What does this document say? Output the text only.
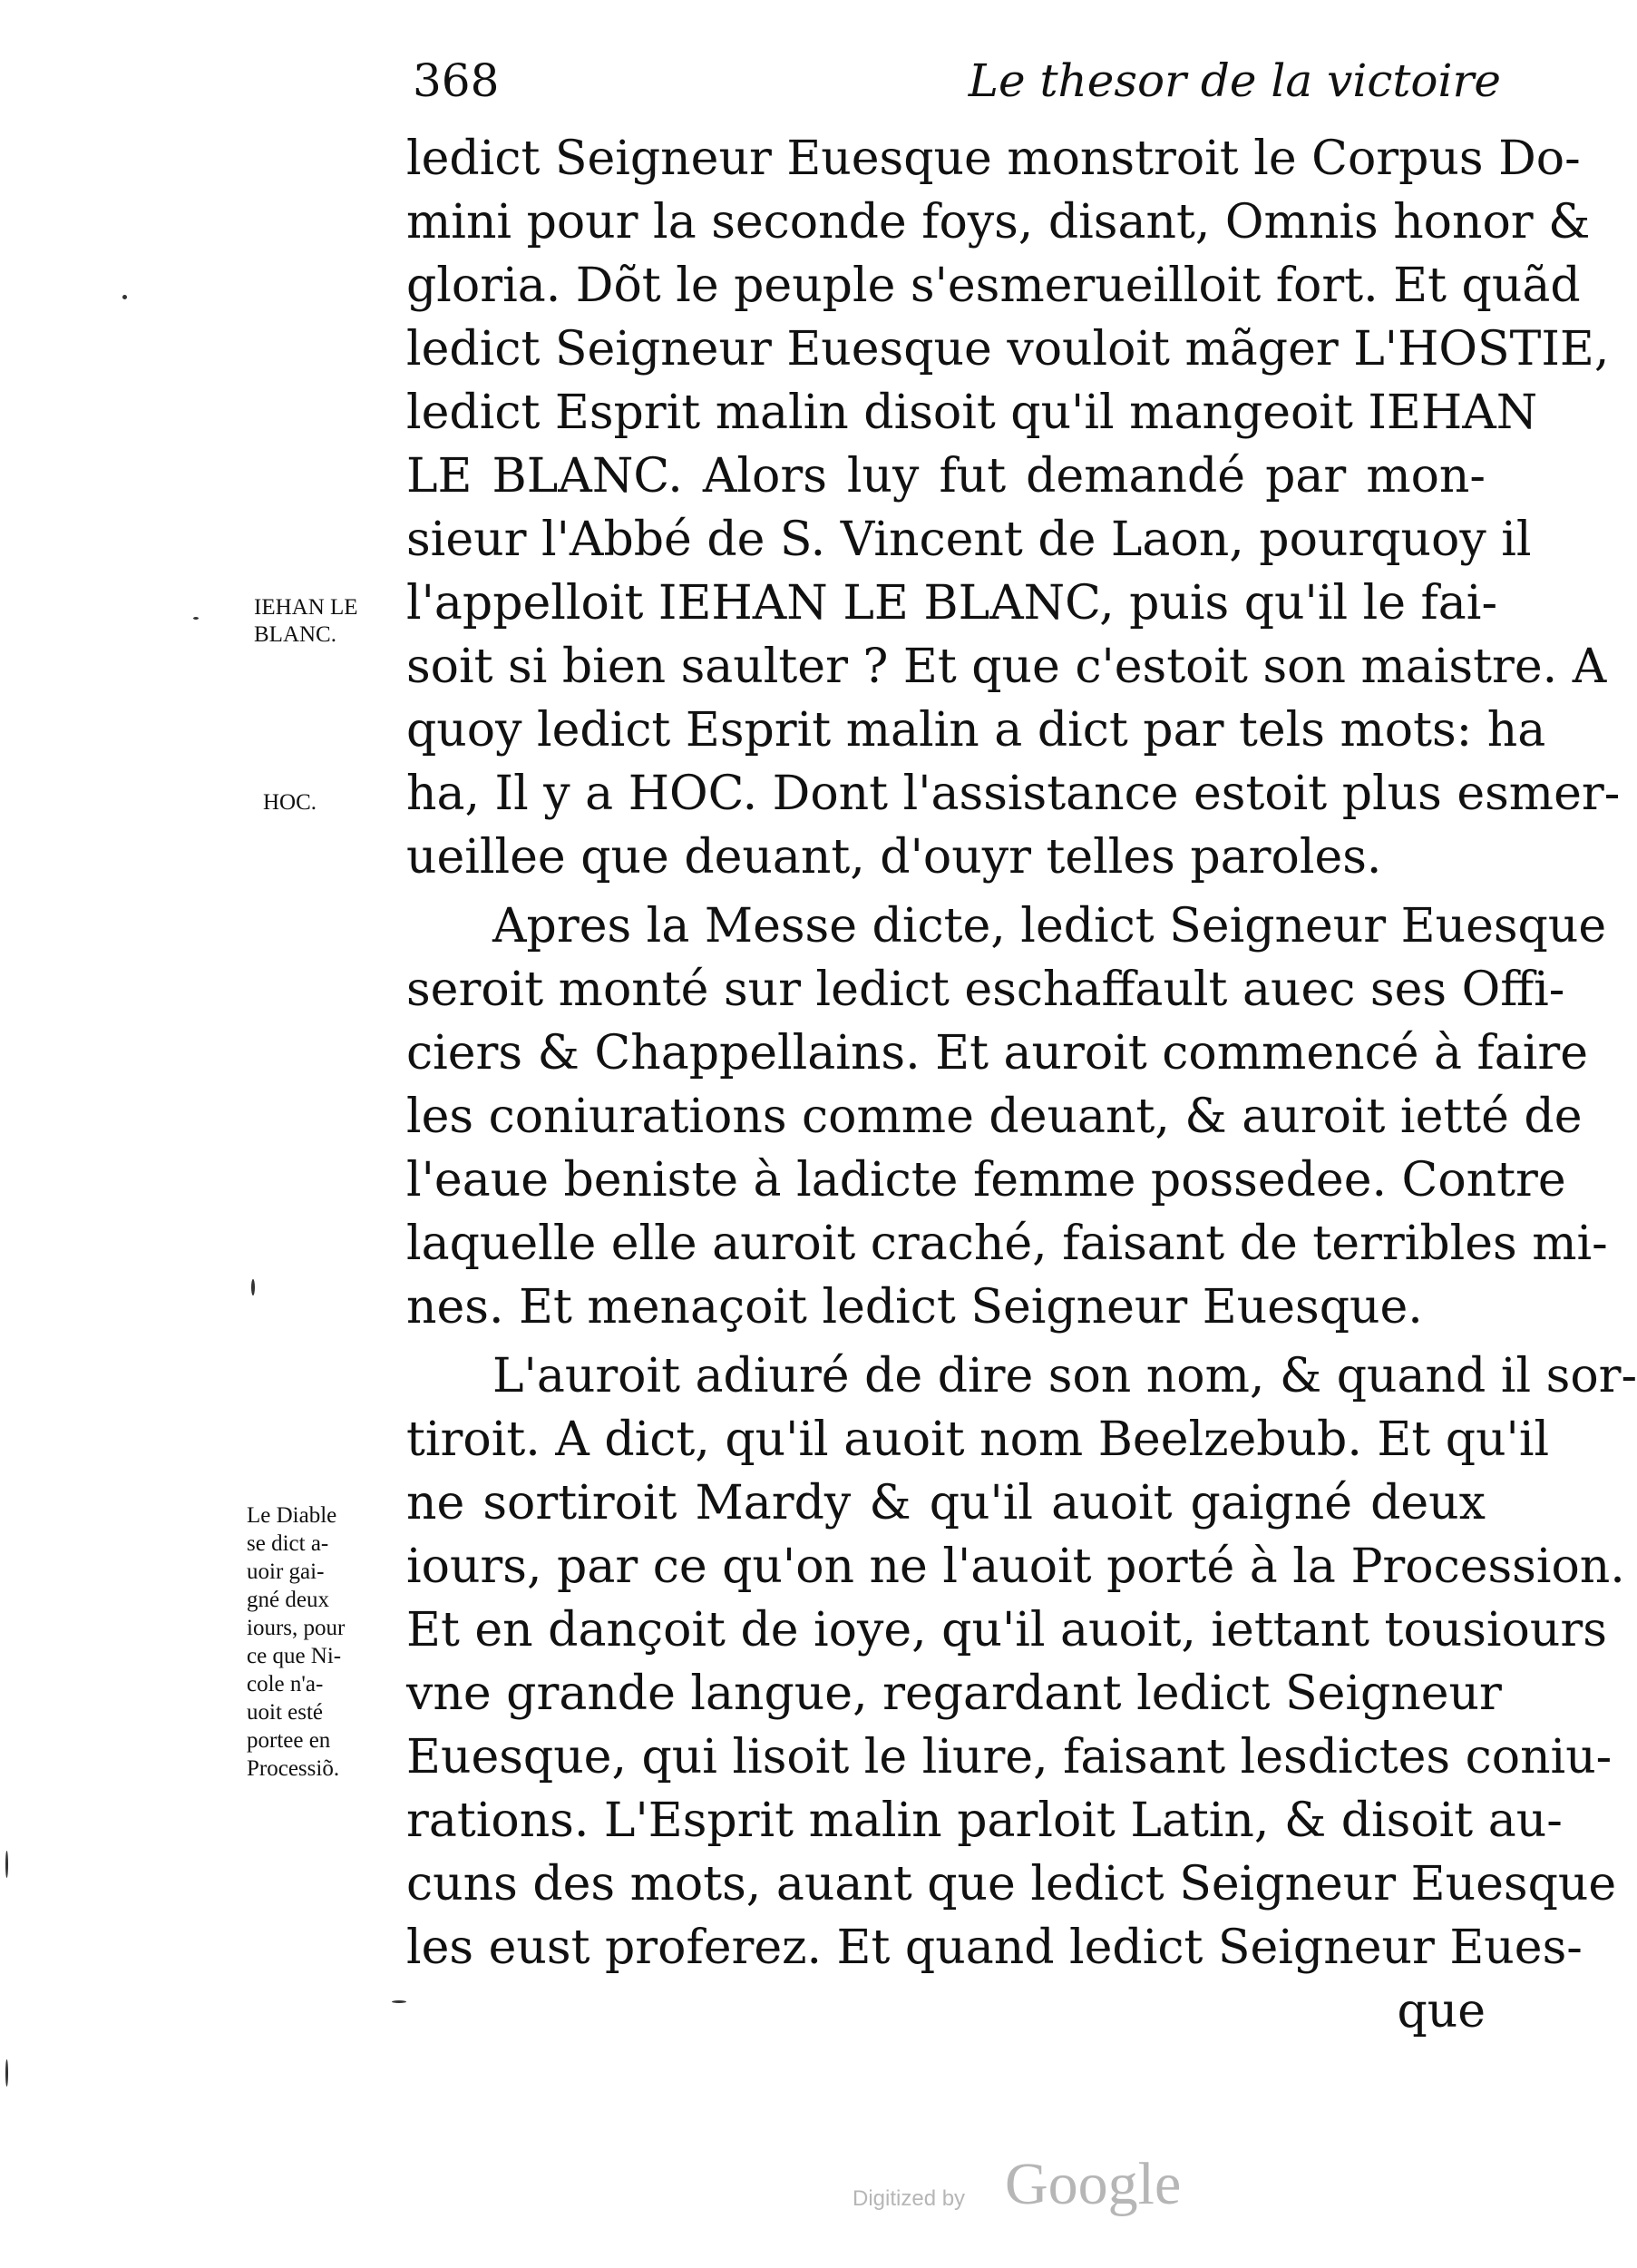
368	Le thesor de la victoire
ledict Seigneur Euesque monstroit le Corpus Do-
mini pour la seconde foys, disant, Omnis honor &
gloria. Dõt le peuple s'esmerueilloit fort. Et quãd
ledict Seigneur Euesque vouloit mãger L'HOSTIE,
ledict Esprit malin disoit qu'il mangeoit IEHAN
LE BLANC. Alors luy fut demandé par mon-
sieur l'Abbé de S. Vincent de Laon, pourquoy il
l'appelloit IEHAN LE BLANC, puis qu'il le fai-
soit si bien saulter ? Et que c'estoit son maistre. A
quoy ledict Esprit malin a dict par tels mots: ha
ha, Il y a HOC. Dont l'assistance estoit plus esmer-
ueillee que deuant, d'ouyr telles paroles.
Apres la Messe dicte, ledict Seigneur Euesque
seroit monté sur ledict eschaffault auec ses Offi-
ciers & Chappellains. Et auroit commencé à faire
les coniurations comme deuant, & auroit ietté de
l'eaue beniste à ladicte femme possedee. Contre
laquelle elle auroit craché, faisant de terribles mi-
nes. Et menaçoit ledict Seigneur Euesque.
L'auroit adiuré de dire son nom, & quand il sor-
tiroit. A dict, qu'il auoit nom Beelzebub. Et qu'il
ne sortiroit Mardy & qu'il auoit gaigné deux
iours, par ce qu'on ne l'auoit porté à la Procession.
Et en dançoit de ioye, qu'il auoit, iettant tousiours
vne grande langue, regardant ledict Seigneur
Euesque, qui lisoit le liure, faisant lesdictes coniu-
rations. L'Esprit malin parloit Latin, & disoit au-
cuns des mots, auant que ledict Seigneur Euesque
les eust proferez. Et quand ledict Seigneur Eues-
que
IEHAN LE
BLANC.
HOC.
Le Diable
se dict a-
uoir gai-
gné deux
iours, pour
ce que Ni-
cole n'a-
uoit esté
portee en
Processiõ.
Digitized by Google
